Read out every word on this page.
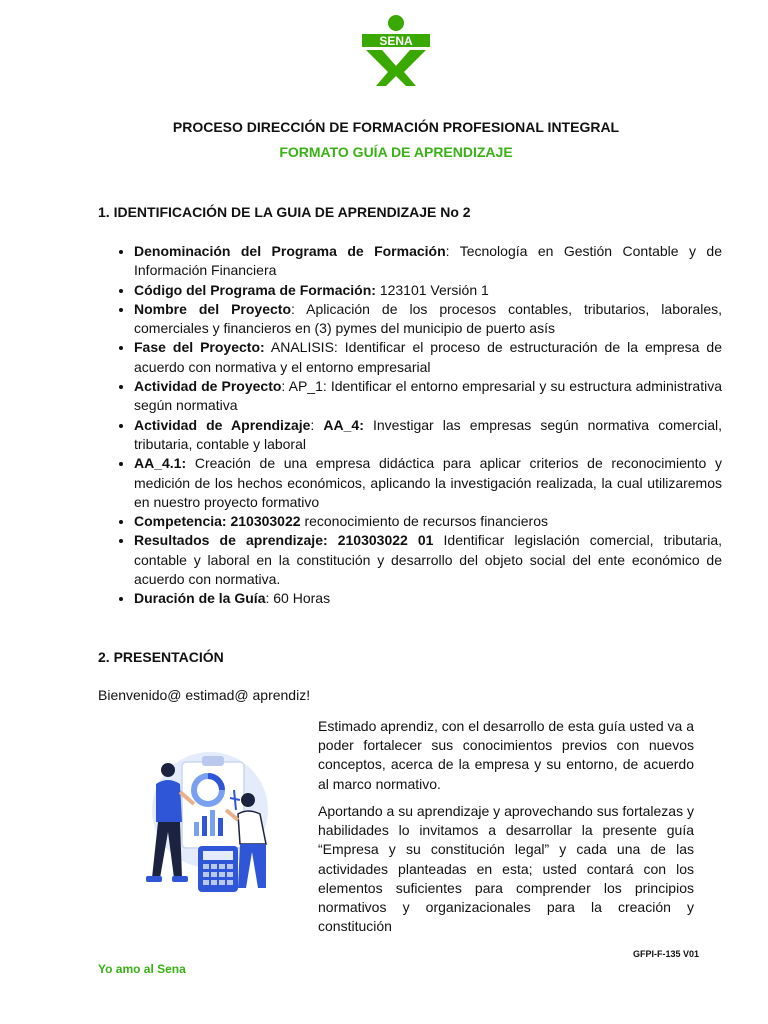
SENA
PROCESO DIRECCIÓN DE FORMACIÓN PROFESIONAL INTEGRAL
FORMATO GUÍA DE APRENDIZAJE
1. IDENTIFICACIÓN DE LA GUIA DE APRENDIZAJE No 2
• Denominación del Programa de Formación: Tecnología en Gestión Contable y de Información Financiera
• Código del Programa de Formación: 123101 Versión 1
• Nombre del Proyecto: Aplicación de los procesos contables, tributarios, laborales, comerciales y financieros en (3) pymes del municipio de puerto asís
• Fase del Proyecto: ANALISIS: Identificar el proceso de estructuración de la empresa de acuerdo con normativa y el entorno empresarial
• Actividad de Proyecto: AP_1: Identificar el entorno empresarial y su estructura administrativa según normativa
• Actividad de Aprendizaje: AA_4: Investigar las empresas según normativa comercial, tributaria, contable y laboral
• AA_4.1: Creación de una empresa didáctica para aplicar criterios de reconocimiento y medición de los hechos económicos, aplicando la investigación realizada, la cual utilizaremos en nuestro proyecto formativo
• Competencia: 210303022 reconocimiento de recursos financieros
• Resultados de aprendizaje: 210303022 01 Identificar legislación comercial, tributaria, contable y laboral en la constitución y desarrollo del objeto social del ente económico de acuerdo con normativa.
• Duración de la Guía: 60 Horas
2. PRESENTACIÓN
Bienvenido@ estimad@ aprendiz!

Estimado aprendiz, con el desarrollo de esta guía usted va a poder fortalecer sus conocimientos previos con nuevos conceptos, acerca de la empresa y su entorno, de acuerdo al marco normativo.

Aportando a su aprendizaje y aprovechando sus fortalezas y habilidades lo invitamos a desarrollar la presente guía “Empresa y su constitución legal” y cada una de las actividades planteadas en esta; usted contará con los elementos suficientes para comprender los principios normativos y organizacionales para la creación y constitución

GFPI-F-135 V01
Yo amo al Sena
